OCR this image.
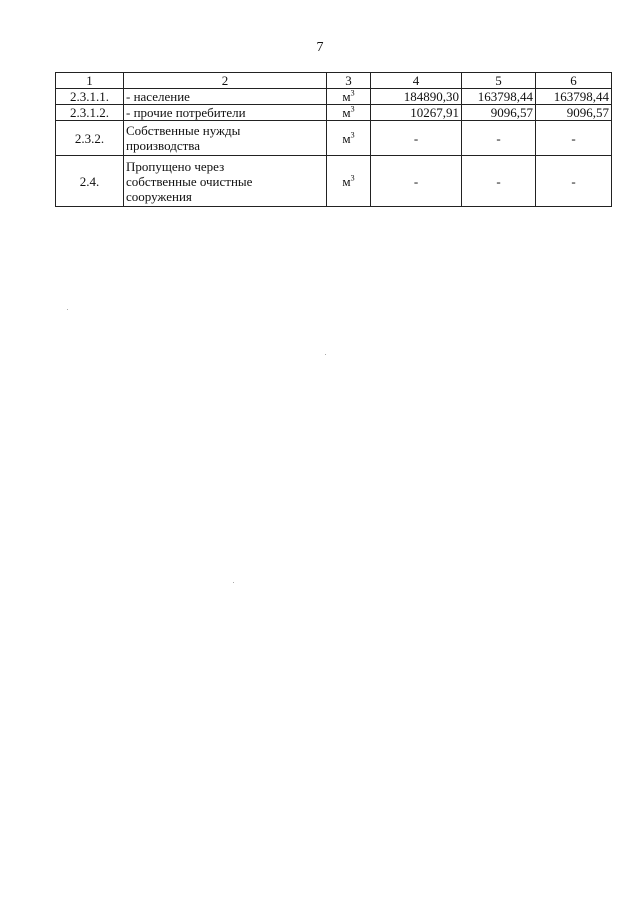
7
1	2	3	4	5	6
2.3.1.1.	- население	$м^3$	184890,30	163798,44	163798,44
2.3.1.2.	- прочие потребители	$м^3$	10267,91	9096,57	9096,57
2.3.2.	Собственные нужды
производства	$м^3$	-	-	-
2.4.	Пропущено через
собственные очистные
сооружения	$м^3$	-	-	-
